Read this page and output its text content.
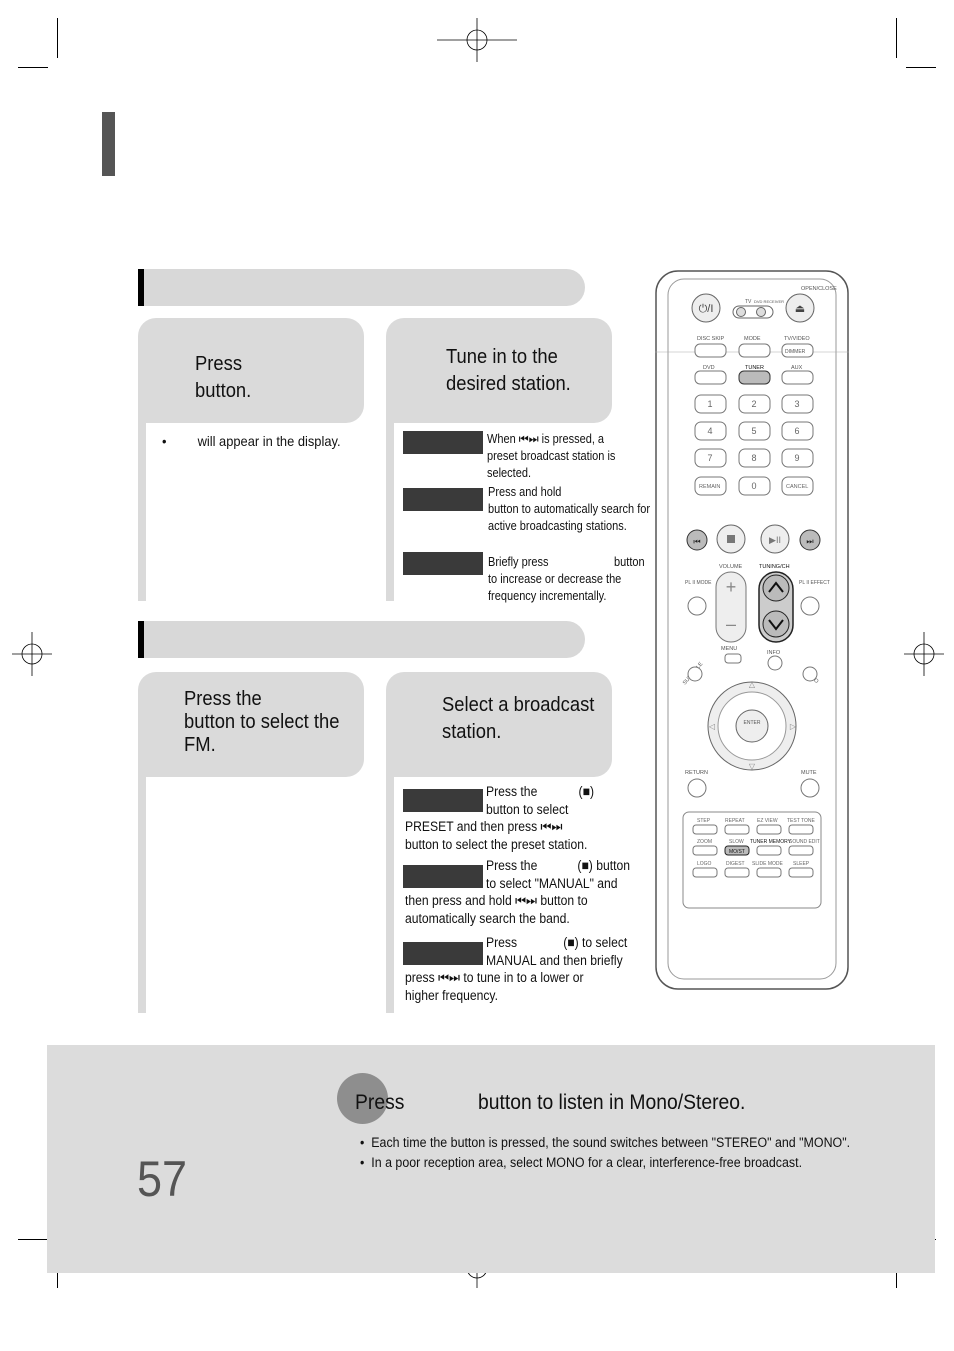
Press
button.
• will appear in the display.
Tune in to the
desired station.
When ⏮⏭ is pressed, a
preset broadcast station is
selected.
Press and hold
button to automatically search for
active broadcasting stations.
Briefly press	button
to increase or decrease the
frequency incrementally.
Press the
button to select the
FM.
Select a broadcast
station.
Press the	(■)
button to select
PRESET and then press ⏮⏭
button to select the preset station.
Press the	(■) button
to select "MANUAL" and
then press and hold ⏮⏭ button to
automatically search the band.
Press	(■) to select
MANUAL and then briefly
press ⏮⏭ to tune in to a lower or
higher frequency.
⏻/I
TV DVD RECEIVER
OPEN/CLOSE
⏏
DISC SKIP	MODE	TV/VIDEO
DIMMER
DVD	TUNER	AUX
1	2	3
4	5	6
7	8	9
0
REMAIN	CANCEL
⏮	▶II	⏭
VOLUME	TUNING/CH
PL II MODE	PL II EFFECT
+
–
MENU
INFO
SUB
ENTER
△
▽
◁	▷
RETURN	MUTE
STEP	REPEAT EZ VIEW TEST TONE
ZOOM	SLOW TUNER MEMORY
SOUND EDIT
LOGO	DIGEST SLIDE MODE SLEEP
MO/ST
Press	button to listen in Mono/Stereo.
• Each time the button is pressed, the sound switches between "STEREO" and "MONO".
• In a poor reception area, select MONO for a clear, interference-free broadcast.
57
